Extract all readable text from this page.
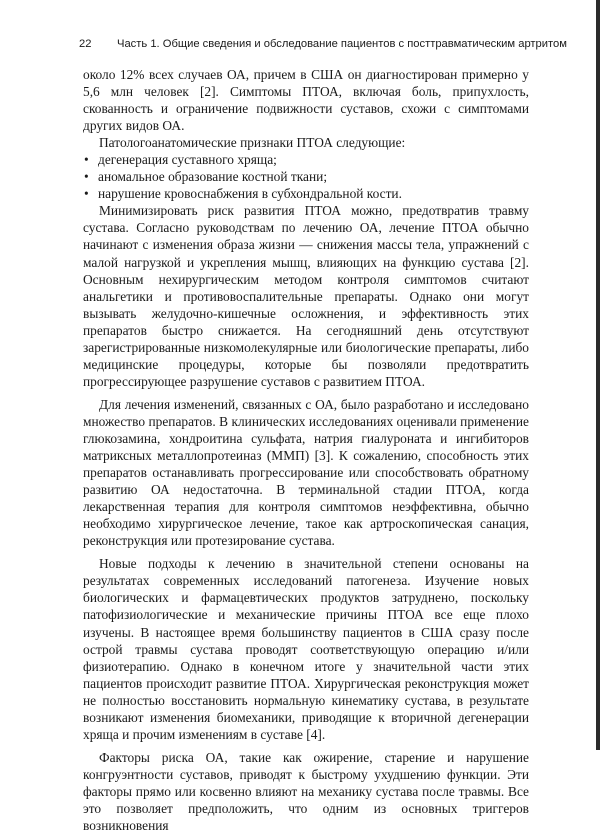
22 Часть 1. Общие сведения и обследование пациентов с посттравматическим артритом

около 12% всех случаев ОА, причем в США он диагностирован примерно у 5,6 млн человек [2]. Симптомы ПТОА, включая боль, припухлость, скованность и ограничение подвижности суставов, схожи с симптомами других видов ОА.

Патологоанатомические признаки ПТОА следующие:

• дегенерация суставного хряща;
• аномальное образование костной ткани;
• нарушение кровоснабжения в субхондральной кости.

Минимизировать риск развития ПТОА можно, предотвратив травму сустава. Согласно руководствам по лечению ОА, лечение ПТОА обычно начинают с изменения образа жизни — снижения массы тела, упражнений с малой нагрузкой и укрепления мышц, влияющих на функцию сустава [2]. Основным нехирургическим методом контроля симптомов считают анальгетики и противовоспалительные препараты. Однако они могут вызывать желудочно-кишечные осложнения, и эффективность этих препаратов быстро снижается. На сегодняшний день отсутствуют зарегистрированные низкомолекулярные или биологические препараты, либо медицинские процедуры, которые бы позволяли предотвратить прогрессирующее разрушение суставов с развитием ПТОА.

Для лечения изменений, связанных с ОА, было разработано и исследовано множество препаратов. В клинических исследованиях оценивали применение глюкозамина, хондроитина сульфата, натрия гиалуроната и ингибиторов матриксных металлопротеиназ (ММП) [3]. К сожалению, способность этих препаратов останавливать прогрессирование или способствовать обратному развитию ОА недостаточна. В терминальной стадии ПТОА, когда лекарственная терапия для контроля симптомов неэффективна, обычно необходимо хирургическое лечение, такое как артроскопическая санация, реконструкция или протезирование сустава.

Новые подходы к лечению в значительной степени основаны на результатах современных исследований патогенеза. Изучение новых биологических и фармацевтических продуктов затруднено, поскольку патофизиологические и механические причины ПТОА все еще плохо изучены. В настоящее время большинству пациентов в США сразу после острой травмы сустава проводят соответствующую операцию и/или физиотерапию. Однако в конечном итоге у значительной части этих пациентов происходит развитие ПТОА. Хирургическая реконструкция может не полностью восстановить нормальную кинематику сустава, в результате возникают изменения биомеханики, приводящие к вторичной дегенерации хряща и прочим изменениям в суставе [4].

Факторы риска ОА, такие как ожирение, старение и нарушение конгруэнтности суставов, приводят к быстрому ухудшению функции. Эти факторы прямо или косвенно влияют на механику сустава после травмы. Все это позволяет предположить, что одним из основных триггеров возникновения
